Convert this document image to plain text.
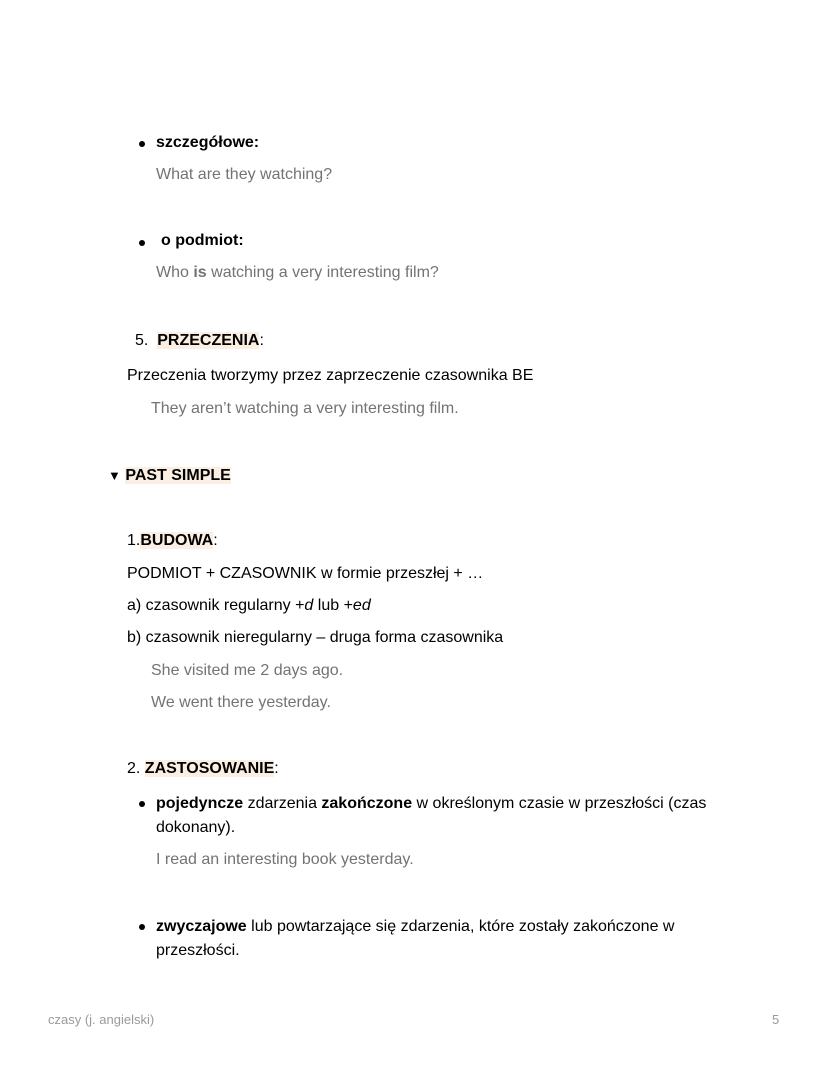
szczegółowe:
What are they watching?
o podmiot:
Who is watching a very interesting film?
5. PRZECZENIA:
Przeczenia tworzymy przez zaprzeczenie czasownika BE
They aren’t watching a very interesting film.
▼ PAST SIMPLE
1.BUDOWA:
PODMIOT + CZASOWNIK w formie przeszłej + …
a) czasownik regularny +d lub +ed
b) czasownik nieregularny – druga forma czasownika
She visited me 2 days ago.
We went there yesterday.
2. ZASTOSOWANIE:
pojedyncze zdarzenia zakończone w określonym czasie w przeszłości (czas dokonany).
I read an interesting book yesterday.
zwyczajowe lub powtarzające się zdarzenia, które zostały zakończone w przeszłości.
czasy (j. angielski)	5
